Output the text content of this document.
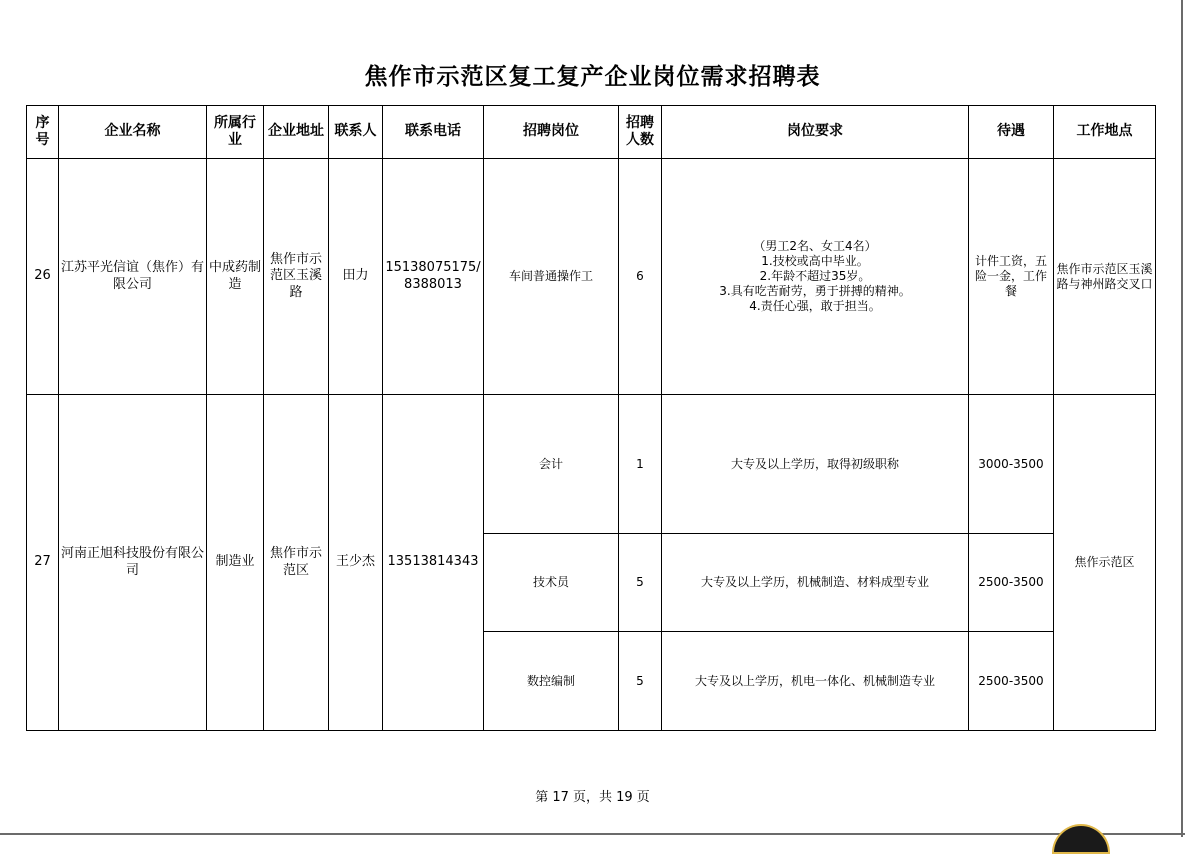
焦作市示范区复工复产企业岗位需求招聘表
序号	企业名称	所属行业	企业地址	联系人	联系电话	招聘岗位	招聘人数	岗位要求	待遇	工作地点
26	江苏平光信谊（焦作）有限公司	中成药制造	焦作市示范区玉溪路	田力	15138075175/8388013	车间普通操作工	6	（男工2名、女工4名）
1.技校或高中毕业。
2.年龄不超过35岁。
3.具有吃苦耐劳，勇于拼搏的精神。
4.责任心强，敢于担当。	计件工资，五险一金，工作餐	焦作市示范区玉溪路与神州路交叉口
27	河南正旭科技股份有限公司	制造业	焦作市示范区	王少杰	13513814343	会计	1	大专及以上学历，取得初级职称	3000-3500	焦作示范区
						技术员	5	大专及以上学历，机械制造、材料成型专业	2500-3500	
						数控编制	5	大专及以上学历，机电一体化、机械制造专业	2500-3500	
第 17 页，共 19 页
